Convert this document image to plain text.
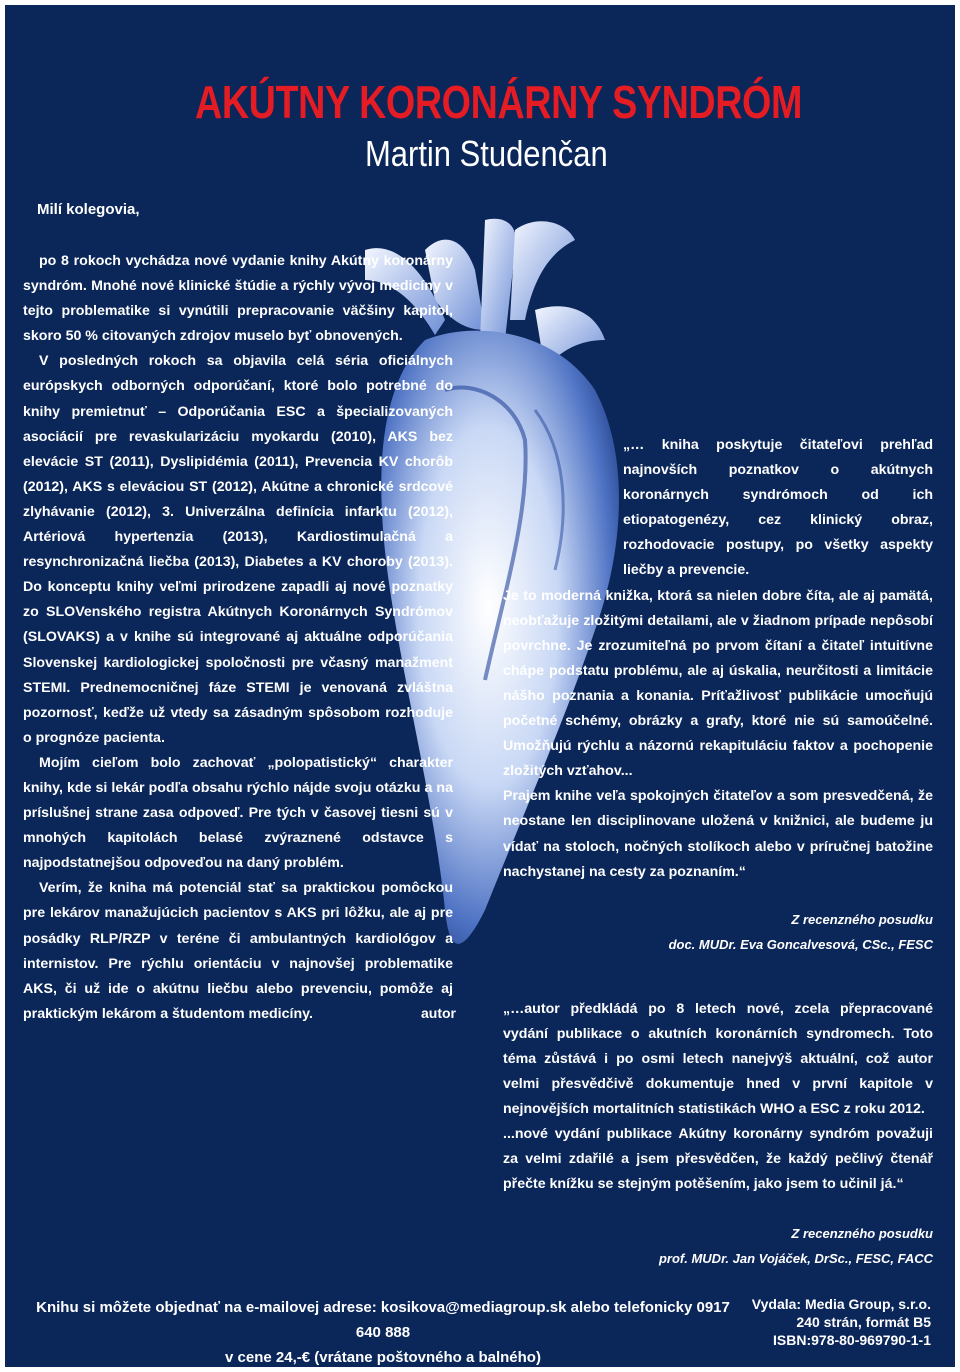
AKÚTNY KORONÁRNY SYNDRÓM
Martin Studenčan
Milí kolegovia,

po 8 rokoch vychádza nové vydanie knihy Akútny koronárny syndróm. Mnohé nové klinické štúdie a rýchly vývoj medicíny v tejto problematike si vynútili prepracovanie väčšiny kapitol, skoro 50 % citovaných zdrojov muselo byť obnovených.

V posledných rokoch sa objavila celá séria oficiálnych európskych odborných odporúčaní, ktoré bolo potrebné do knihy premietnuť – Odporúčania ESC a špecializovaných asociácií pre revaskularizáciu myokardu (2010), AKS bez elevácie ST (2011), Dyslipidémia (2011), Prevencia KV chorôb (2012), AKS s eleváciou ST (2012), Akútne a chronické srdcové zlyhávanie (2012), 3. Univerzálna definícia infarktu (2012), Artériová hypertenzia (2013), Kardiostimulačná a resynchronizačná liečba (2013), Diabetes a KV choroby (2013). Do konceptu knihy veľmi prirodzene zapadli aj nové poznatky zo SLOVenského registra Akútnych Koronárnych Syndrómov (SLOVAKS) a v knihe sú integrované aj aktuálne odporúčania Slovenskej kardiologickej spoločnosti pre včasný manažment STEMI. Prednemocničnej fáze STEMI je venovaná zvláštna pozornosť, keďže už vtedy sa zásadným spôsobom rozhoduje o prognóze pacienta.

Mojím cieľom bolo zachovať „polopatistický“ charakter knihy, kde si lekár podľa obsahu rýchlo nájde svoju otázku a na príslušnej strane zasa odpoveď. Pre tých v časovej tiesni sú v mnohých kapitolách belasé zvýraznené odstavce s najpodstatnejšou odpoveďou na daný problém.

Verím, že kniha má potenciál stať sa praktickou pomôckou pre lekárov manažujúcich pacientov s AKS pri lôžku, ale aj pre posádky RLP/RZP v teréne či ambulantných kardiológov a internistov. Pre rýchlu orientáciu v najnovšej problematike AKS, či už ide o akútnu liečbu alebo prevenciu, pomôže aj praktickým lekárom a študentom medicíny.	autor

„… kniha poskytuje čitateľovi prehľad najnovších poznatkov o akútnych koronárnych syndrómoch od ich etiopatogenézy, cez klinický obraz, rozhodovacie postupy, po všetky aspekty liečby a prevencie.

Je to moderná knižka, ktorá sa nielen dobre číta, ale aj pamätá, neobťažuje zložitými detailami, ale v žiadnom prípade nepôsobí povrchne. Je zrozumiteľná po prvom čítaní a čitateľ intuitívne chápe podstatu problému, ale aj úskalia, neurčitosti a limitácie nášho poznania a konania. Príťažlivosť publikácie umocňujú početné schémy, obrázky a grafy, ktoré nie sú samoúčelné. Umožňujú rýchlu a názornú rekapituláciu faktov a pochopenie zložitých vzťahov...

Prajem knihe veľa spokojných čitateľov a som presvedčená, že neostane len disciplinovane uložená v knižnici, ale budeme ju vídať na stoloch, nočných stolíkoch alebo v príručnej batožine nachystanej na cesty za poznaním.“

Z recenzného posudku

doc. MUDr. Eva Goncalvesová, CSc., FESC

„…autor předkládá po 8 letech nové, zcela přepracované vydání publikace o akutních koronárních syndromech. Toto téma zůstává i po osmi letech nanejvýš aktuální, což autor velmi přesvědčivě dokumentuje hned v první kapitole v nejnovějších mortalitních statistikách WHO a ESC z roku 2012.

...nové vydání publikace Akútny koronárny syndróm považuji za velmi zdařilé a jsem přesvědčen, že každý pečlivý čtenář přečte knížku se stejným potěšením, jako jsem to učinil já.“

Z recenzného posudku

prof. MUDr. Jan Vojáček, DrSc., FESC, FACC

Knihu si môžete objednať na e-mailovej adrese: kosikova@mediagroup.sk alebo telefonicky 0917 640 888
v cene 24,-€ (vrátane poštovného a balného)
Vydala: Media Group, s.r.o.
240 strán, formát B5
ISBN:978-80-969790-1-1
